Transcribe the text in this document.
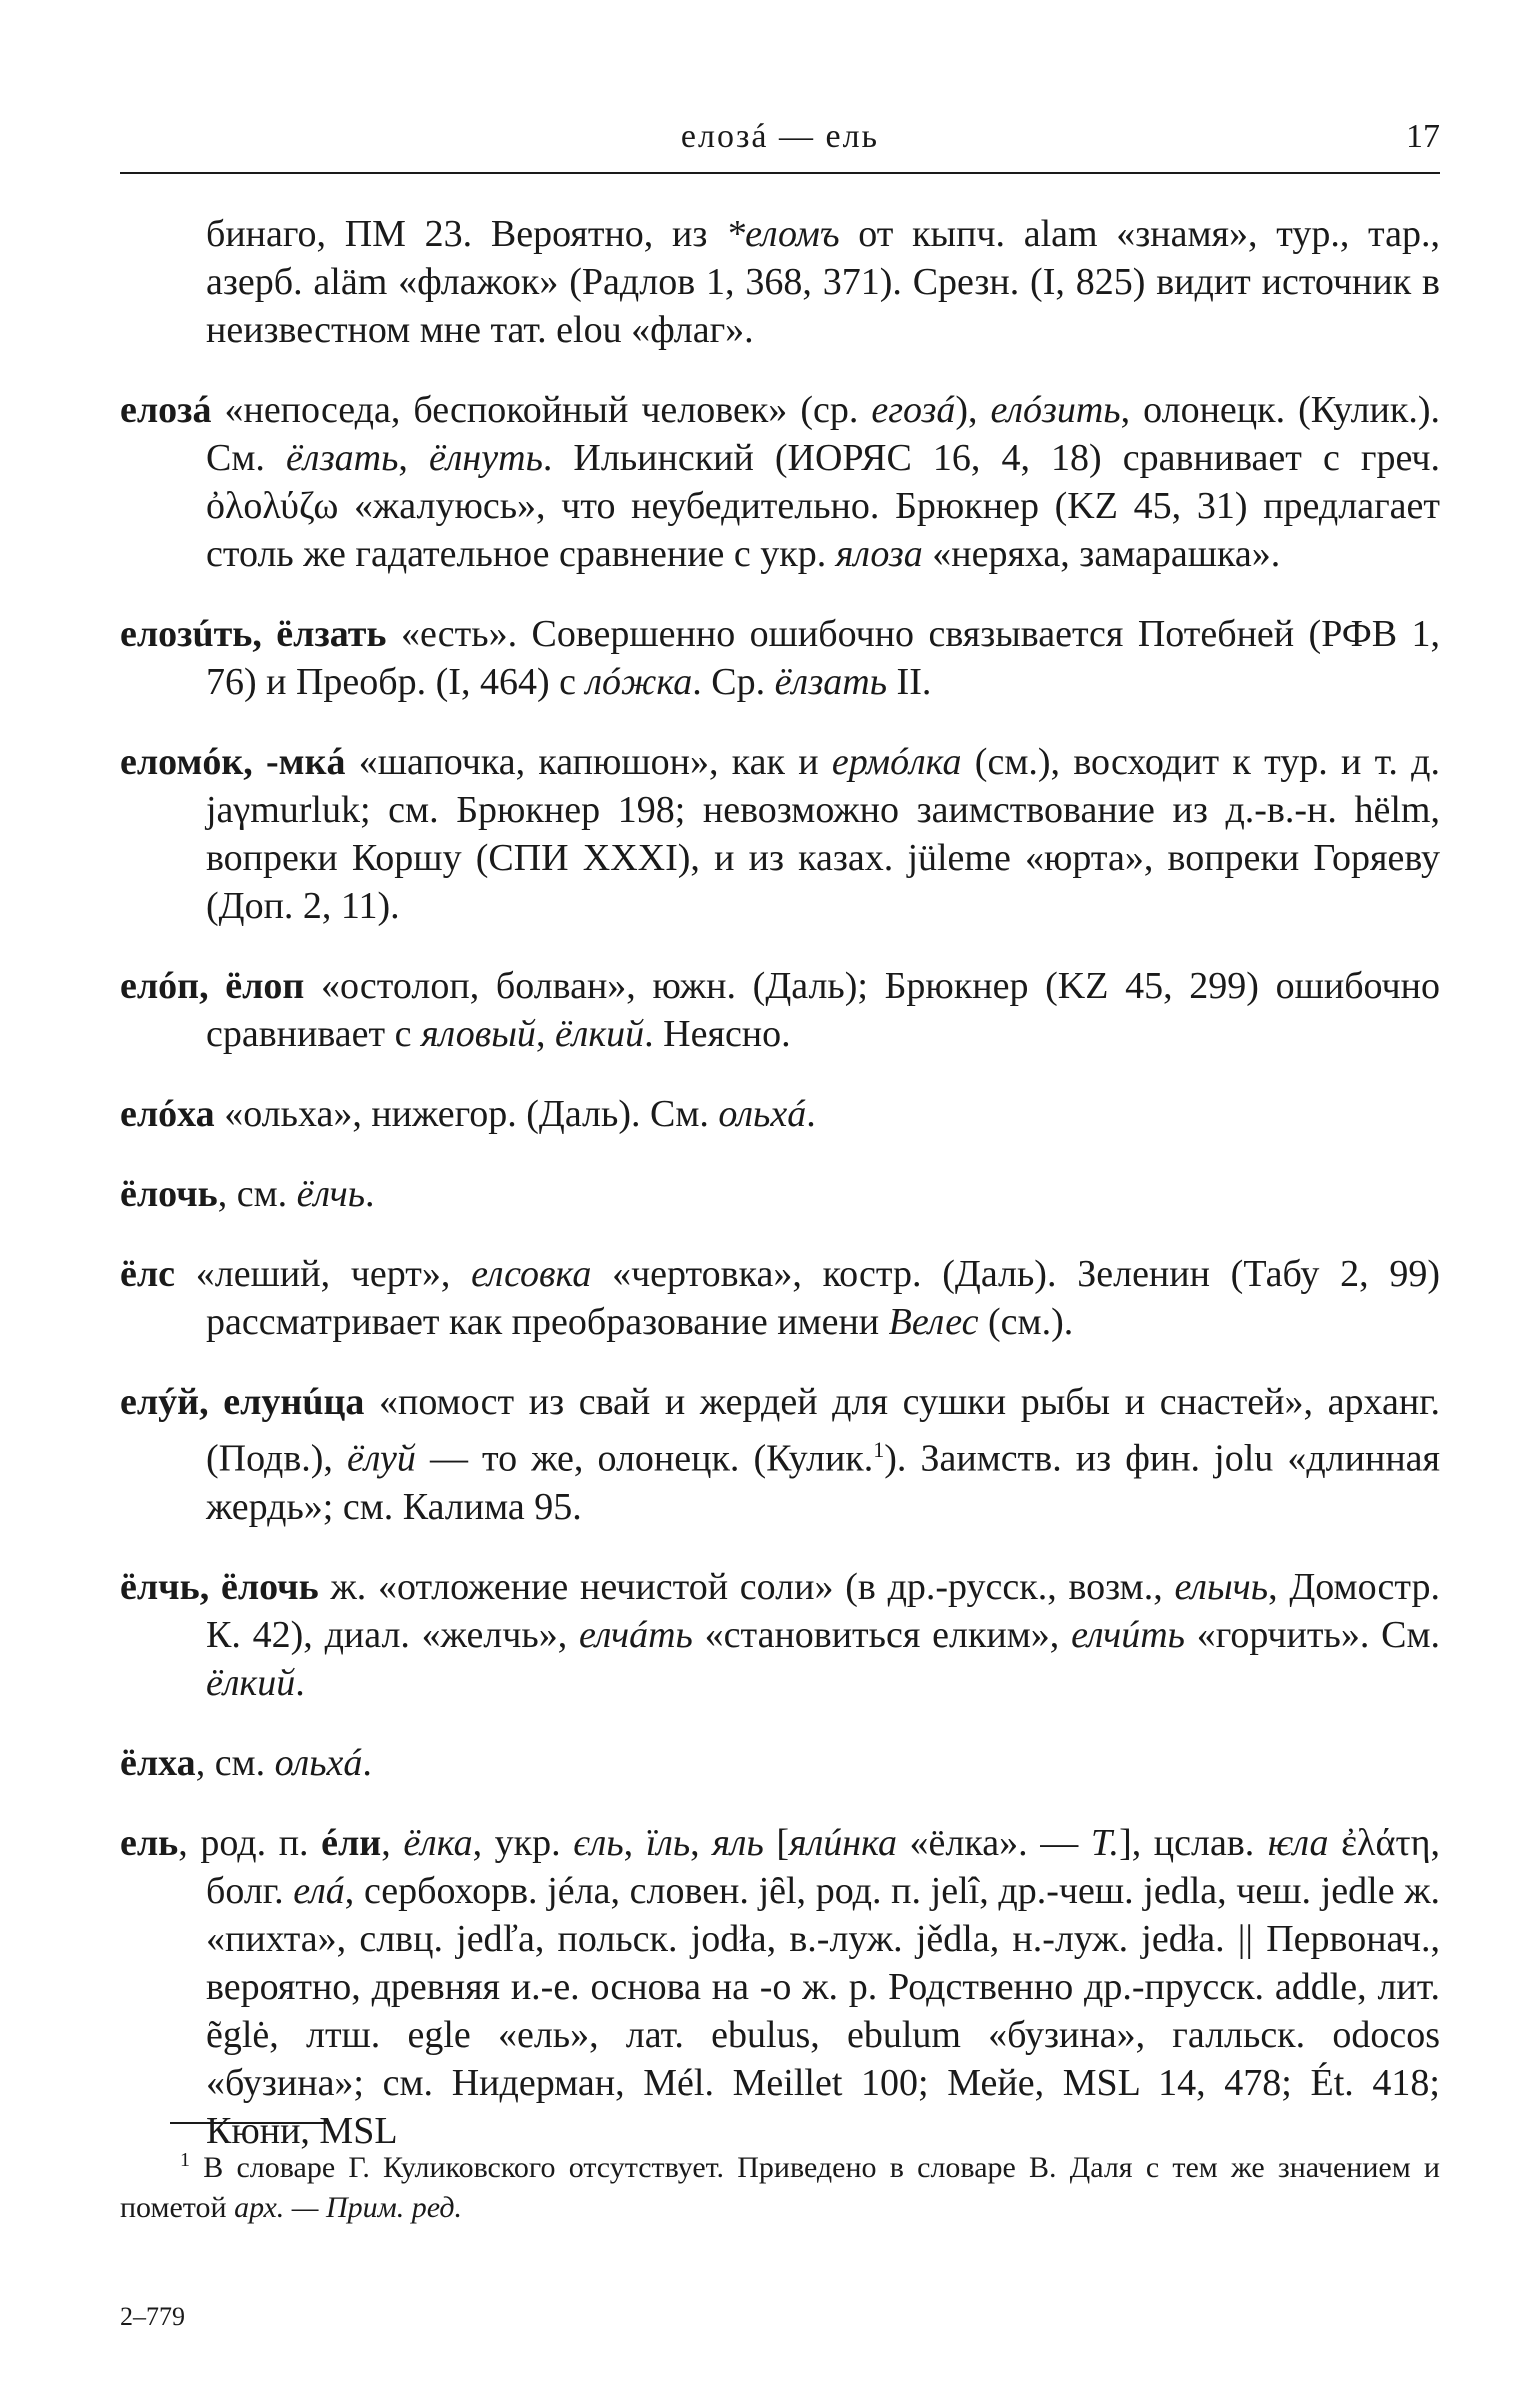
елозá — ель	17

бинаго, ПМ 23. Вероятно, из *еломъ от кыпч. alam «знамя», тур., тар., азерб. aläm «флажок» (Радлов 1, 368, 371). Срезн. (I, 825) видит источник в неизвестном мне тат. elou «флаг».

елозá «непоседа, беспокойный человек» (ср. егозá), елóзить, олонецк. (Кулик.). См. ёлзать, ёлнуть. Ильинский (ИОРЯС 16, 4, 18) сравнивает с греч. ὀλολύζω «жалуюсь», что неубедительно. Брюкнер (KZ 45, 31) предлагает столь же гадательное сравнение с укр. ялоза «неряха, замарашка».

елозúть, ёлзать «есть». Совершенно ошибочно связывается Потебней (РФВ 1, 76) и Преобр. (I, 464) с лóжка. Ср. ёлзать II.

еломóк, -мкá «шапочка, капюшон», как и ермóлка (см.), восходит к тур. и т. д. jaγmurluk; см. Брюкнер 198; невозможно заимствование из д.-в.-н. hëlm, вопреки Коршу (СПИ XXXI), и из казах. jüleme «юрта», вопреки Горяеву (Доп. 2, 11).

елóп, ёлоп «остолоп, болван», южн. (Даль); Брюкнер (KZ 45, 299) ошибочно сравнивает с яловый, ёлкий. Неясно.

елóха «ольха», нижегор. (Даль). См. ольхá.

ёлочь, см. ёлчь.

ёлс «леший, черт», елсовка «чертовка», костр. (Даль). Зеленин (Табу 2, 99) рассматривает как преобразование имени Велес (см.).

елýй, елунúца «помост из свай и жердей для сушки рыбы и снастей», арханг. (Подв.), ёлуй — то же, олонецк. (Кулик.$^1$). Заимств. из фин. jolu «длинная жердь»; см. Калима 95.

ёлчь, ёлочь ж. «отложение нечистой соли» (в др.-русск., возм., елычь, Домостр. К. 42), диал. «желчь», елчáть «становиться елким», елчúть «горчить». См. ёлкий.

ёлха, см. ольхá.

ель, род. п. éли, ёлка, укр. єль, їль, яль [ялúнка «ёлка». — Т.], цслав. ѥла ἐλάτη, болг. елá, сербохорв. jéла, словен. jȇl, род. п. jelî, др.-чеш. jedla, чеш. jedle ж. «пихта», слвц. jedľa, польск. jodła, в.-луж. jědla, н.-луж. jedła. || Первонач., вероятно, древняя и.-е. основа на -о ж. р. Родственно др.-прусск. addle, лит. ẽglė, лтш. egle «ель», лат. ebulus, ebulum «бузина», галльск. odocos «бузина»; см. Нидерман, Mél. Meillet 100; Мейе, MSL 14, 478; Ét. 418; Кюни, MSL

$^1$ В словаре Г. Куликовского отсутствует. Приведено в словаре В. Даля с тем же значением и пометой арх. — Прим. ред.
2–779
